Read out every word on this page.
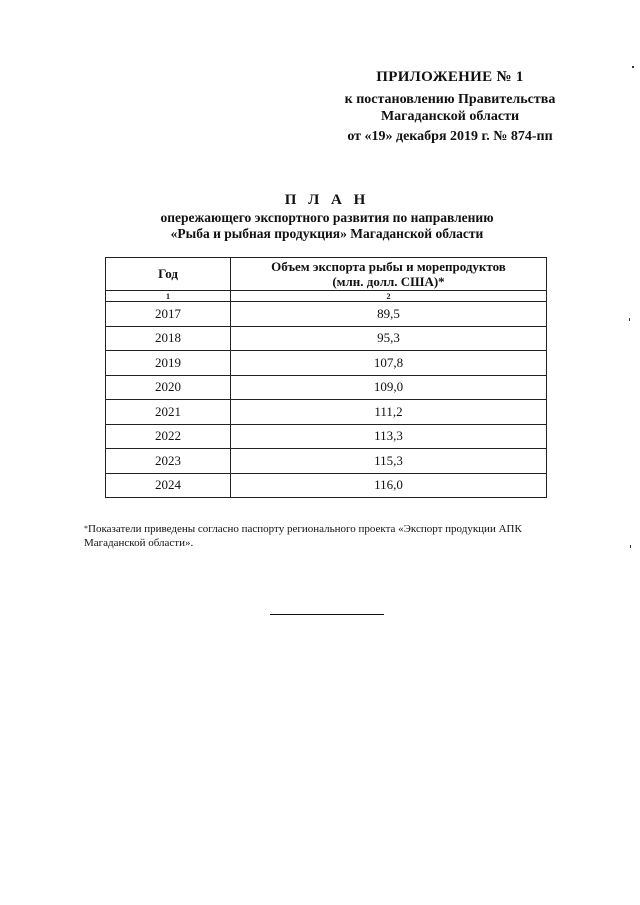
ПРИЛОЖЕНИЕ № 1
к постановлению Правительства
Магаданской области
от «19» декабря 2019 г. № 874-пп
П Л А Н
опережающего экспортного развития по направлению
«Рыба и рыбная продукция» Магаданской области
Год	Объем экспорта рыбы и морепродуктов
(млн. долл. США)*

1	2
2017	89,5
2018	95,3
2019	107,8
2020	109,0
2021	111,2
2022	113,3
2023	115,3
2024	116,0
*Показатели приведены согласно паспорту регионального проекта «Экспорт продукции АПК
Магаданской области».
